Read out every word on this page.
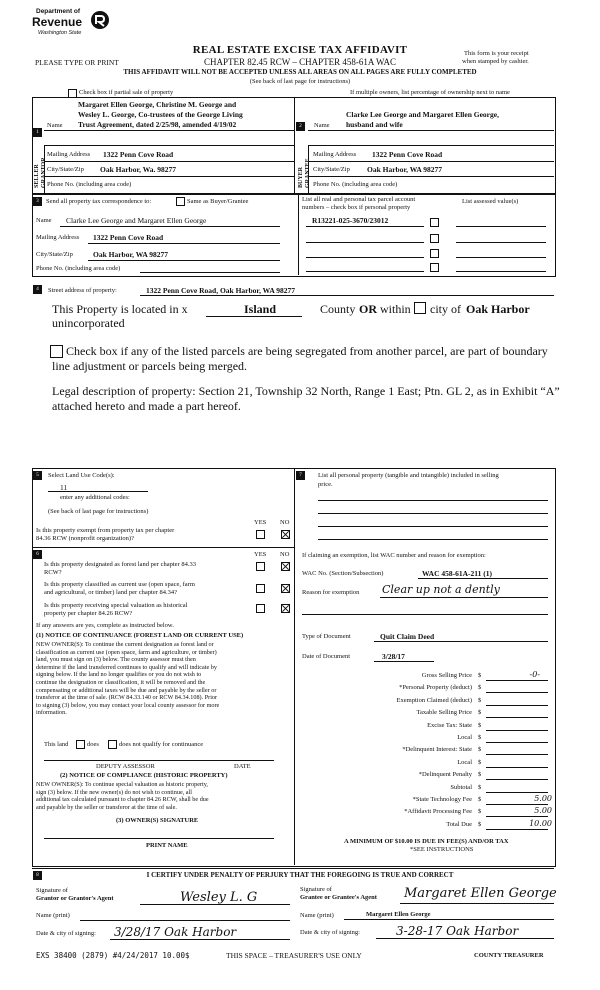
Department of
Revenue
Washington State
REAL ESTATE EXCISE TAX AFFIDAVIT
PLEASE TYPE OR PRINT	CHAPTER 82.45 RCW – CHAPTER 458-61A WAC
This form is your receipt
when stamped by cashier.
THIS AFFIDAVIT WILL NOT BE ACCEPTED UNLESS ALL AREAS ON ALL PAGES ARE FULLY COMPLETED
(See back of last page for instructions)
Check box if partial sale of property	If multiple owners, list percentage of ownership next to name
1
SELLER GRANTOR
Margaret Ellen George, Christine M. George and
Wesley L. George, Co-trustees of the George Living
Name Trust Agreement, dated 2/25/98, amended 4/19/02
Mailing Address 1322 Penn Cove Road
City/State/Zip Oak Harbor, Wa. 98277
Phone No. (including area code)
2
BUYER GRANTEE
Clarke Lee George and Margaret Ellen George,
Name husband and wife
Mailing Address 1322 Penn Cove Road
City/State/Zip Oak Harbor, WA 98277
Phone No. (including area code)
3	Send all property tax correspondence to:	Same as Buyer/Grantee
Name Clarke Lee George and Margaret Ellen George
Mailing Address 1322 Penn Cove Road
City/State/Zip	Oak Harbor, WA 98277
Phone No. (including area code)
List all real and personal tax parcel account
numbers – check box if personal property
List assessed value(s)
R13221-025-3670/23012
4	Street address of property:	1322 Penn Cove Road, Oak Harbor, WA 98277
This Property is located in x	Island	County OR within city of Oak Harbor
unincorporated
Check box if any of the listed parcels are being segregated from another parcel, are part of boundary
line adjustment or parcels being merged.
Legal description of property: Section 21, Township 32 North, Range 1 East; Ptn. GL 2, as in Exhibit “A”
attached hereto and made a part hereof.
5	Select Land Use Code(s):
11
enter any additional codes:
(See back of last page for instructions)
YES NO
Is this property exempt from property tax per chapter
84.36 RCW (nonprofit organization)?
6	YES NO
Is this property designated as forest land per chapter 84.33
RCW?
Is this property classified as current use (open space, farm
and agricultural, or timber) land per chapter 84.34?
Is this property receiving special valuation as historical
property per chapter 84.26 RCW?
If any answers are yes, complete as instructed below.
(1) NOTICE OF CONTINUANCE (FOREST LAND OR CURRENT USE)
NEW OWNER(S): To continue the current designation as forest land or
classification as current use (open space, farm and agriculture, or timber)
land, you must sign on (3) below. The county assessor must then
determine if the land transferred continues to qualify and will indicate by
signing below. If the land no longer qualifies or you do not wish to
continue the designation or classification, it will be removed and the
compensating or additional taxes will be due and payable by the seller or
transferor at the time of sale. (RCW 84.33.140 or RCW 84.34.108). Prior
to signing (3) below, you may contact your local county assessor for more
information.
This land	does	does not qualify for continuance
DEPUTY ASSESSOR	DATE
(2) NOTICE OF COMPLIANCE (HISTORIC PROPERTY)
NEW OWNER(S): To continue special valuation as historic property,
sign (3) below. If the new owner(s) do not wish to continue, all
additional tax calculated pursuant to chapter 84.26 RCW, shall be due
and payable by the seller or transferor at the time of sale.
(3) OWNER(S) SIGNATURE
PRINT NAME
7	List all personal property (tangible and intangible) included in selling
price.
If claiming an exemption, list WAC number and reason for exemption:
WAC No. (Section/Subsection)	WAC 458-61A-211 (1)
Reason for exemption Clear up not a dently
Type of Document	Quit Claim Deed
Date of Document	3/28/17
Gross Selling Price $	-0-
*Personal Property (deduct) $
Exemption Claimed (deduct) $
Taxable Selling Price $
Excise Tax: State $
Local $
*Delinquent Interest: State $
Local $
*Delinquent Penalty $
Subtotal $
*State Technology Fee $	5.00
*Affidavit Processing Fee $	5.00
Total Due $	10.00
A MINIMUM OF $10.00 IS DUE IN FEE(S) AND/OR TAX
*SEE INSTRUCTIONS
8	I CERTIFY UNDER PENALTY OF PERJURY THAT THE FOREGOING IS TRUE AND CORRECT
Signature of
Grantor or Grantor's Agent	Wesley L. G
Name (print)
Date & city of signing: 3/28/17 Oak Harbor
Signature of
Grantee or Grantee's Agent Margaret Ellen George
Name (print)	Margaret Ellen George
Date & city of signing:	3-28-17 Oak Harbor
EXS 38400 (2879) #4/24/2017 10.00$	THIS SPACE – TREASURER'S USE ONLY	COUNTY TREASURER
